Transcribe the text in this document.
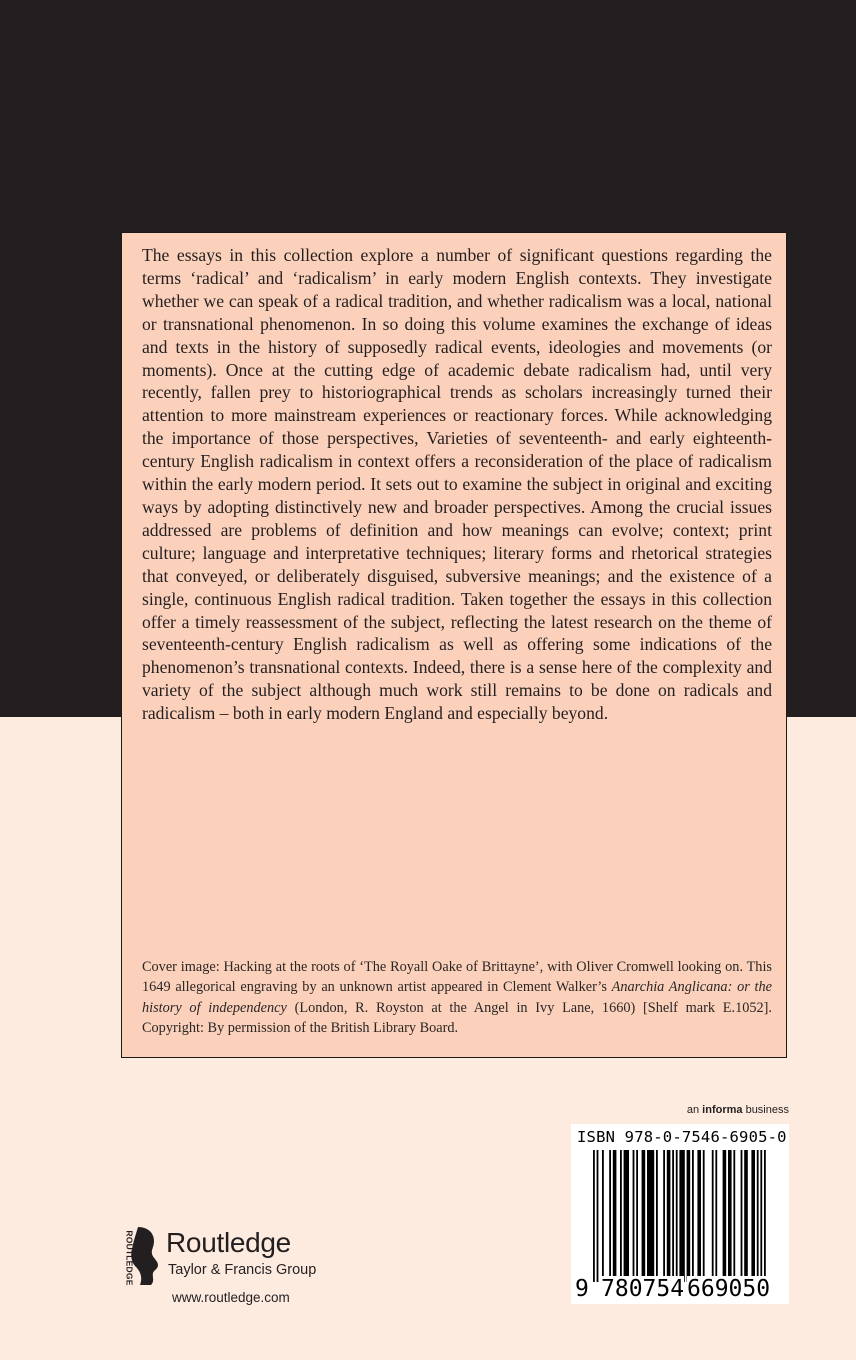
The essays in this collection explore a number of significant questions regarding the terms ‘radical’ and ‘radicalism’ in early modern English contexts. They investigate whether we can speak of a radical tradition, and whether radicalism was a local, national or transnational phenomenon. In so doing this volume examines the exchange of ideas and texts in the history of supposedly radical events, ideologies and movements (or moments). Once at the cutting edge of academic debate radicalism had, until very recently, fallen prey to historiographical trends as scholars increasingly turned their attention to more mainstream experiences or reactionary forces. While acknowledging the importance of those perspectives, Varieties of seventeenth- and early eighteenth-century English radicalism in context offers a reconsideration of the place of radicalism within the early modern period. It sets out to examine the subject in original and exciting ways by adopting distinctively new and broader perspectives. Among the crucial issues addressed are problems of definition and how meanings can evolve; context; print culture; language and interpretative techniques; literary forms and rhetorical strategies that conveyed, or deliberately disguised, subversive meanings; and the existence of a single, continuous English radical tradition. Taken together the essays in this collection offer a timely reassessment of the subject, reflecting the latest research on the theme of seventeenth-century English radicalism as well as offering some indications of the phenomenon’s transnational contexts. Indeed, there is a sense here of the complexity and variety of the subject although much work still remains to be done on radicals and radicalism – both in early modern England and especially beyond.

Cover image: Hacking at the roots of ‘The Royall Oake of Brittayne’, with Oliver Cromwell looking on. This 1649 allegorical engraving by an unknown artist appeared in Clement Walker’s Anarchia Anglicana: or the history of independency (London, R. Royston at the Angel in Ivy Lane, 1660) [Shelf mark E.1052]. Copyright: By permission of the British Library Board.

an informa business
ISBN 978-0-7546-6905-0
9 780754 669050
ROUTLEDGE Routledge
Taylor & Francis Group
www.routledge.com
